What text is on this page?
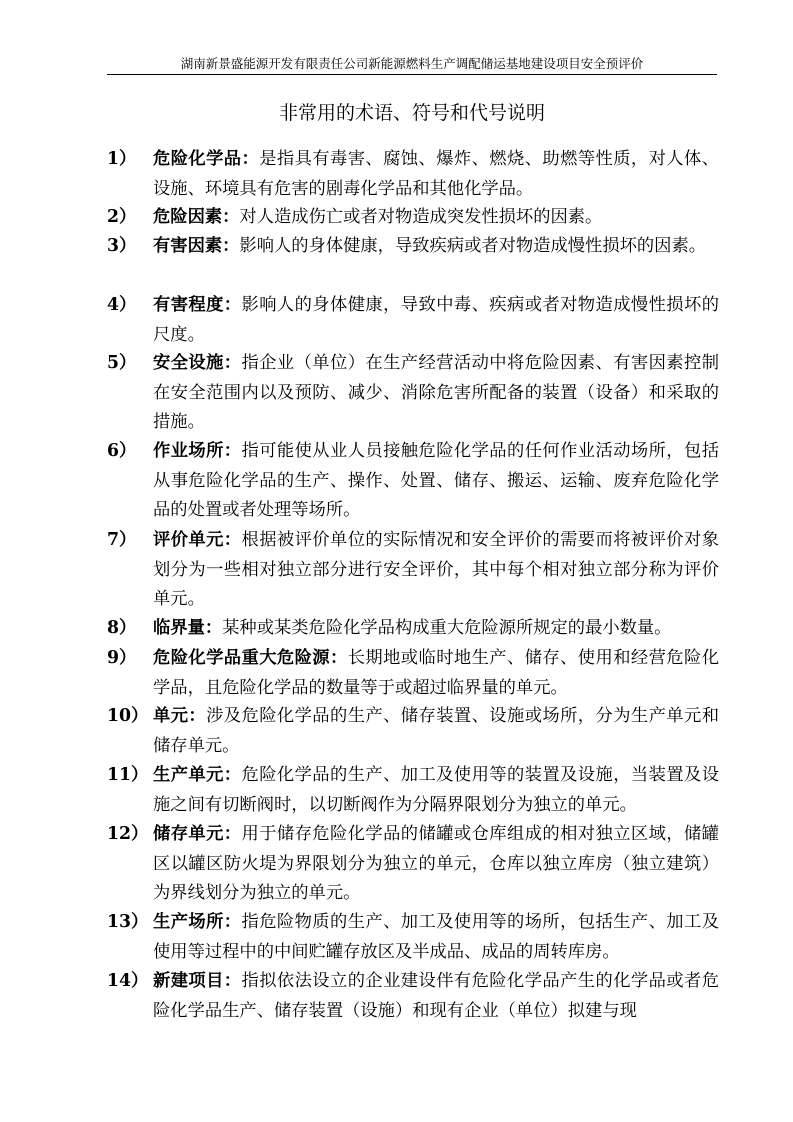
湖南新景盛能源开发有限责任公司新能源燃料生产调配储运基地建设项目安全预评价
非常用的术语、符号和代号说明
1） 危险化学品：是指具有毒害、腐蚀、爆炸、燃烧、助燃等性质，对人体、设施、环境具有危害的剧毒化学品和其他化学品。
2） 危险因素：对人造成伤亡或者对物造成突发性损坏的因素。
3） 有害因素：影响人的身体健康，导致疾病或者对物造成慢性损坏的因素。
4） 有害程度：影响人的身体健康，导致中毒、疾病或者对物造成慢性损坏的尺度。
5） 安全设施：指企业（单位）在生产经营活动中将危险因素、有害因素控制在安全范围内以及预防、减少、消除危害所配备的装置（设备）和采取的措施。
6） 作业场所：指可能使从业人员接触危险化学品的任何作业活动场所，包括从事危险化学品的生产、操作、处置、储存、搬运、运输、废弃危险化学品的处置或者处理等场所。
7） 评价单元：根据被评价单位的实际情况和安全评价的需要而将被评价对象划分为一些相对独立部分进行安全评价，其中每个相对独立部分称为评价单元。
8） 临界量：某种或某类危险化学品构成重大危险源所规定的最小数量。
9） 危险化学品重大危险源：长期地或临时地生产、储存、使用和经营危险化学品，且危险化学品的数量等于或超过临界量的单元。
10） 单元：涉及危险化学品的生产、储存装置、设施或场所，分为生产单元和储存单元。
11） 生产单元：危险化学品的生产、加工及使用等的装置及设施，当装置及设施之间有切断阀时，以切断阀作为分隔界限划分为独立的单元。
12） 储存单元：用于储存危险化学品的储罐或仓库组成的相对独立区域，储罐区以罐区防火堤为界限划分为独立的单元，仓库以独立库房（独立建筑）为界线划分为独立的单元。
13） 生产场所：指危险物质的生产、加工及使用等的场所，包括生产、加工及使用等过程中的中间贮罐存放区及半成品、成品的周转库房。
14） 新建项目：指拟依法设立的企业建设伴有危险化学品产生的化学品或者危险化学品生产、储存装置（设施）和现有企业（单位）拟建与现
